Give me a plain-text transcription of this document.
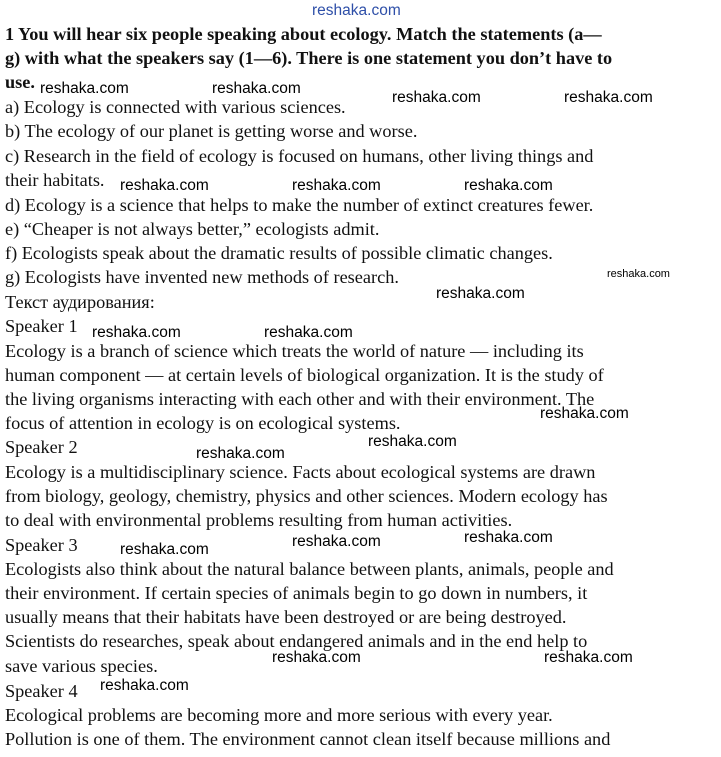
1 You will hear six people speaking about ecology. Match the statements (a—
g) with what the speakers say (1—6). There is one statement you don’t have to
use.
a) Ecology is connected with various sciences.
b) The ecology of our planet is getting worse and worse.
c) Research in the field of ecology is focused on humans, other living things and
their habitats.
d) Ecology is a science that helps to make the number of extinct creatures fewer.
e) “Cheaper is not always better,” ecologists admit.
f) Ecologists speak about the dramatic results of possible climatic changes.
g) Ecologists have invented new methods of research.
Текст аудирования:
Speaker 1
Ecology is a branch of science which treats the world of nature — including its
human component — at certain levels of biological organization. It is the study of
the living organisms interacting with each other and with their environment. The
focus of attention in ecology is on ecological systems.
Speaker 2
Ecology is a multidisciplinary science. Facts about ecological systems are drawn
from biology, geology, chemistry, physics and other sciences. Modern ecology has
to deal with environmental problems resulting from human activities.
Speaker 3
Ecologists also think about the natural balance between plants, animals, people and
their environment. If certain species of animals begin to go down in numbers, it
usually means that their habitats have been destroyed or are being destroyed.
Scientists do researches, speak about endangered animals and in the end help to
save various species.
Speaker 4
Ecological problems are becoming more and more serious with every year.
Pollution is one of them. The environment cannot clean itself because millions and
reshaka.com
reshaka.com	reshaka.com
reshaka.com	reshaka.com
reshaka.com	reshaka.com	reshaka.com
reshaka.com
reshaka.com
reshaka.com	reshaka.com
reshaka.com
reshaka.com
reshaka.com
reshaka.com
reshaka.com
reshaka.com
reshaka.com	reshaka.com
reshaka.com
